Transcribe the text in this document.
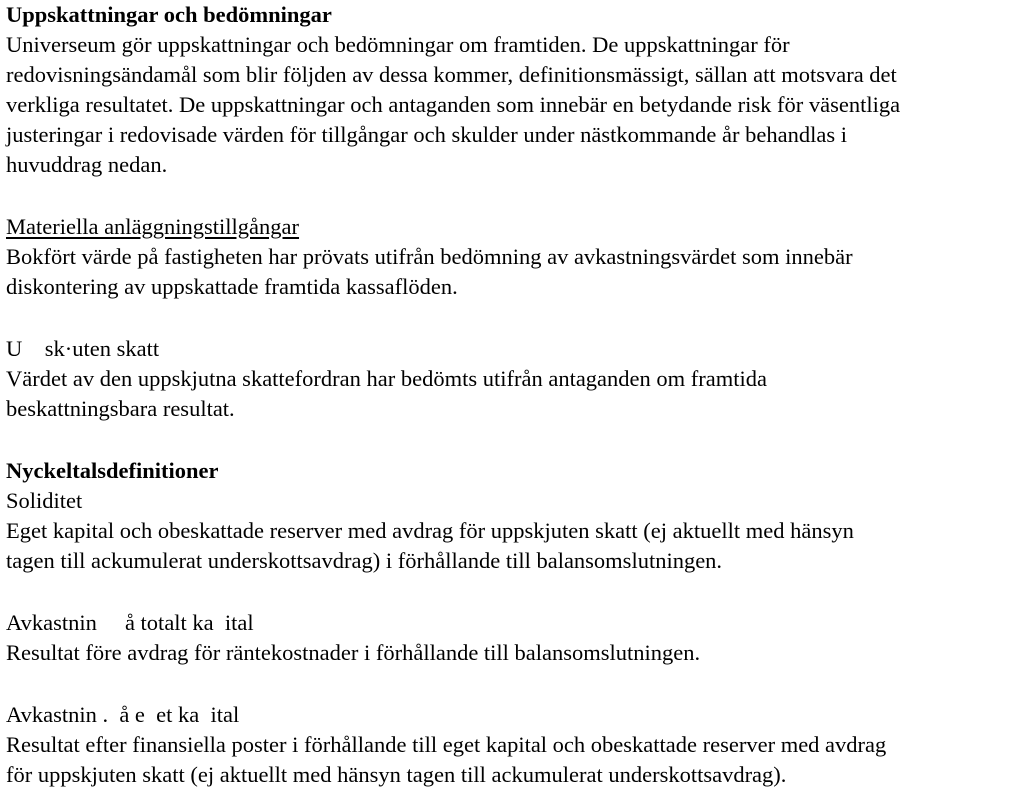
Uppskattningar och bedömningar
Universeum gör uppskattningar och bedömningar om framtiden. De uppskattningar för
redovisningsändamål som blir följden av dessa kommer, definitionsmässigt, sällan att motsvara det
verkliga resultatet. De uppskattningar och antaganden som innebär en betydande risk för väsentliga
justeringar i redovisade värden för tillgångar och skulder under nästkommande år behandlas i
huvuddrag nedan.
Materiella anläggningstillgångar
Bokfört värde på fastigheten har prövats utifrån bedömning av avkastningsvärdet som innebär
diskontering av uppskattade framtida kassaflöden.
U    sk·uten skatt
Värdet av den uppskjutna skattefordran har bedömts utifrån antaganden om framtida
beskattningsbara resultat.
Nyckeltalsdefinitioner
Soliditet
Eget kapital och obeskattade reserver med avdrag för uppskjuten skatt (ej aktuellt med hänsyn
tagen till ackumulerat underskottsavdrag) i förhållande till balansomslutningen.
Avkastnin     å totalt ka  ital
Resultat före avdrag för räntekostnader i förhållande till balansomslutningen.
Avkastnin .  å e  et ka  ital
Resultat efter finansiella poster i förhållande till eget kapital och obeskattade reserver med avdrag
för uppskjuten skatt (ej aktuellt med hänsyn tagen till ackumulerat underskottsavdrag).
